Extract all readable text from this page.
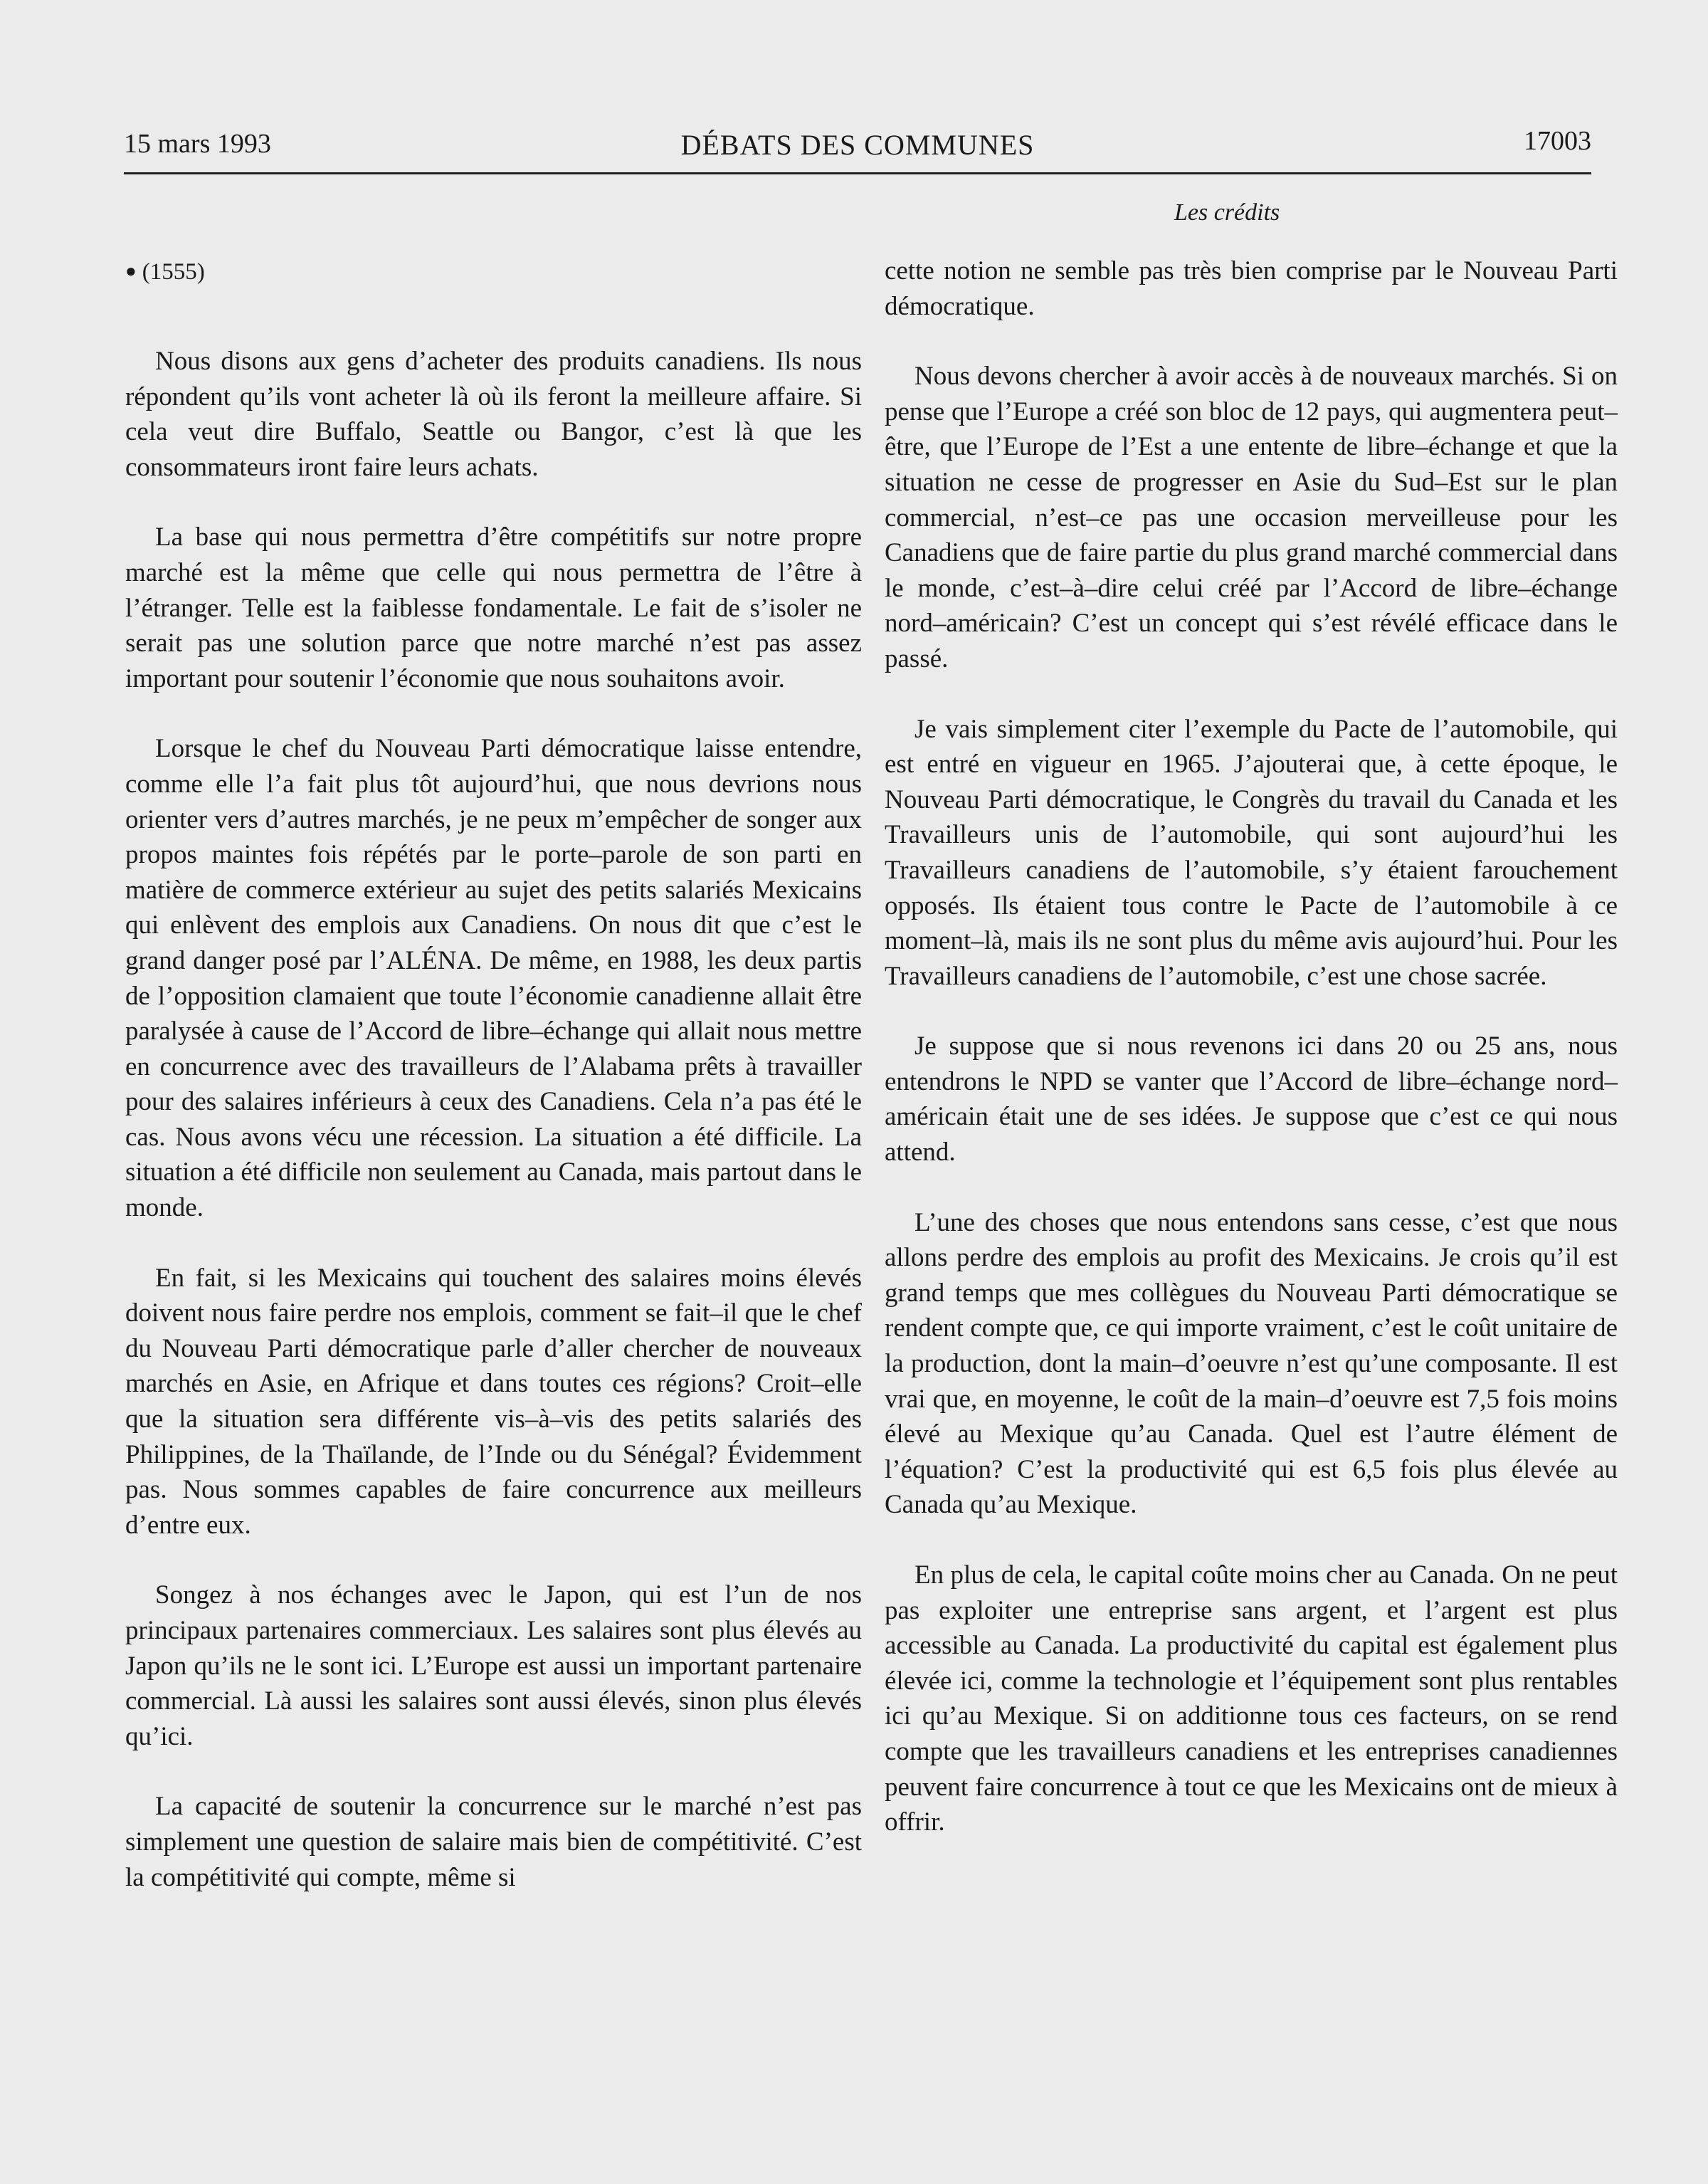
15 mars 1993	DÉBATS DES COMMUNES	17003
Les crédits
● (1555)

Nous disons aux gens d’acheter des produits canadiens. Ils nous répondent qu’ils vont acheter là où ils feront la meilleure affaire. Si cela veut dire Buffalo, Seattle ou Bangor, c’est là que les consommateurs iront faire leurs achats.

La base qui nous permettra d’être compétitifs sur notre propre marché est la même que celle qui nous permettra de l’être à l’étranger. Telle est la faiblesse fondamentale. Le fait de s’isoler ne serait pas une solution parce que notre marché n’est pas assez important pour soutenir l’économie que nous souhaitons avoir.

Lorsque le chef du Nouveau Parti démocratique laisse entendre, comme elle l’a fait plus tôt aujourd’hui, que nous devrions nous orienter vers d’autres marchés, je ne peux m’empêcher de songer aux propos maintes fois répétés par le porte–parole de son parti en matière de commerce extérieur au sujet des petits salariés Mexicains qui enlèvent des emplois aux Canadiens. On nous dit que c’est le grand danger posé par l’ALÉNA. De même, en 1988, les deux partis de l’opposition clamaient que toute l’économie canadienne allait être paralysée à cause de l’Accord de libre–échange qui allait nous mettre en concurrence avec des travailleurs de l’Alabama prêts à travailler pour des salaires inférieurs à ceux des Canadiens. Cela n’a pas été le cas. Nous avons vécu une récession. La situation a été difficile. La situation a été difficile non seulement au Canada, mais partout dans le monde.

En fait, si les Mexicains qui touchent des salaires moins élevés doivent nous faire perdre nos emplois, comment se fait–il que le chef du Nouveau Parti démocratique parle d’aller chercher de nouveaux marchés en Asie, en Afrique et dans toutes ces régions? Croit–elle que la situation sera différente vis–à–vis des petits salariés des Philippines, de la Thaïlande, de l’Inde ou du Sénégal? Évidemment pas. Nous sommes capables de faire concurrence aux meilleurs d’entre eux.

Songez à nos échanges avec le Japon, qui est l’un de nos principaux partenaires commerciaux. Les salaires sont plus élevés au Japon qu’ils ne le sont ici. L’Europe est aussi un important partenaire commercial. Là aussi les salaires sont aussi élevés, sinon plus élevés qu’ici.

La capacité de soutenir la concurrence sur le marché n’est pas simplement une question de salaire mais bien de compétitivité. C’est la compétitivité qui compte, même si

cette notion ne semble pas très bien comprise par le Nouveau Parti démocratique.

Nous devons chercher à avoir accès à de nouveaux marchés. Si on pense que l’Europe a créé son bloc de 12 pays, qui augmentera peut–être, que l’Europe de l’Est a une entente de libre–échange et que la situation ne cesse de progresser en Asie du Sud–Est sur le plan commercial, n’est–ce pas une occasion merveilleuse pour les Canadiens que de faire partie du plus grand marché commercial dans le monde, c’est–à–dire celui créé par l’Accord de libre–échange nord–américain? C’est un concept qui s’est révélé efficace dans le passé.

Je vais simplement citer l’exemple du Pacte de l’automobile, qui est entré en vigueur en 1965. J’ajouterai que, à cette époque, le Nouveau Parti démocratique, le Congrès du travail du Canada et les Travailleurs unis de l’automobile, qui sont aujourd’hui les Travailleurs canadiens de l’automobile, s’y étaient farouchement opposés. Ils étaient tous contre le Pacte de l’automobile à ce moment–là, mais ils ne sont plus du même avis aujourd’hui. Pour les Travailleurs canadiens de l’automobile, c’est une chose sacrée.

Je suppose que si nous revenons ici dans 20 ou 25 ans, nous entendrons le NPD se vanter que l’Accord de libre–échange nord–américain était une de ses idées. Je suppose que c’est ce qui nous attend.

L’une des choses que nous entendons sans cesse, c’est que nous allons perdre des emplois au profit des Mexicains. Je crois qu’il est grand temps que mes collègues du Nouveau Parti démocratique se rendent compte que, ce qui importe vraiment, c’est le coût unitaire de la production, dont la main–d’oeuvre n’est qu’une composante. Il est vrai que, en moyenne, le coût de la main–d’oeuvre est 7,5 fois moins élevé au Mexique qu’au Canada. Quel est l’autre élément de l’équation? C’est la productivité qui est 6,5 fois plus élevée au Canada qu’au Mexique.

En plus de cela, le capital coûte moins cher au Canada. On ne peut pas exploiter une entreprise sans argent, et l’argent est plus accessible au Canada. La productivité du capital est également plus élevée ici, comme la technologie et l’équipement sont plus rentables ici qu’au Mexique. Si on additionne tous ces facteurs, on se rend compte que les travailleurs canadiens et les entreprises canadiennes peuvent faire concurrence à tout ce que les Mexicains ont de mieux à offrir.
